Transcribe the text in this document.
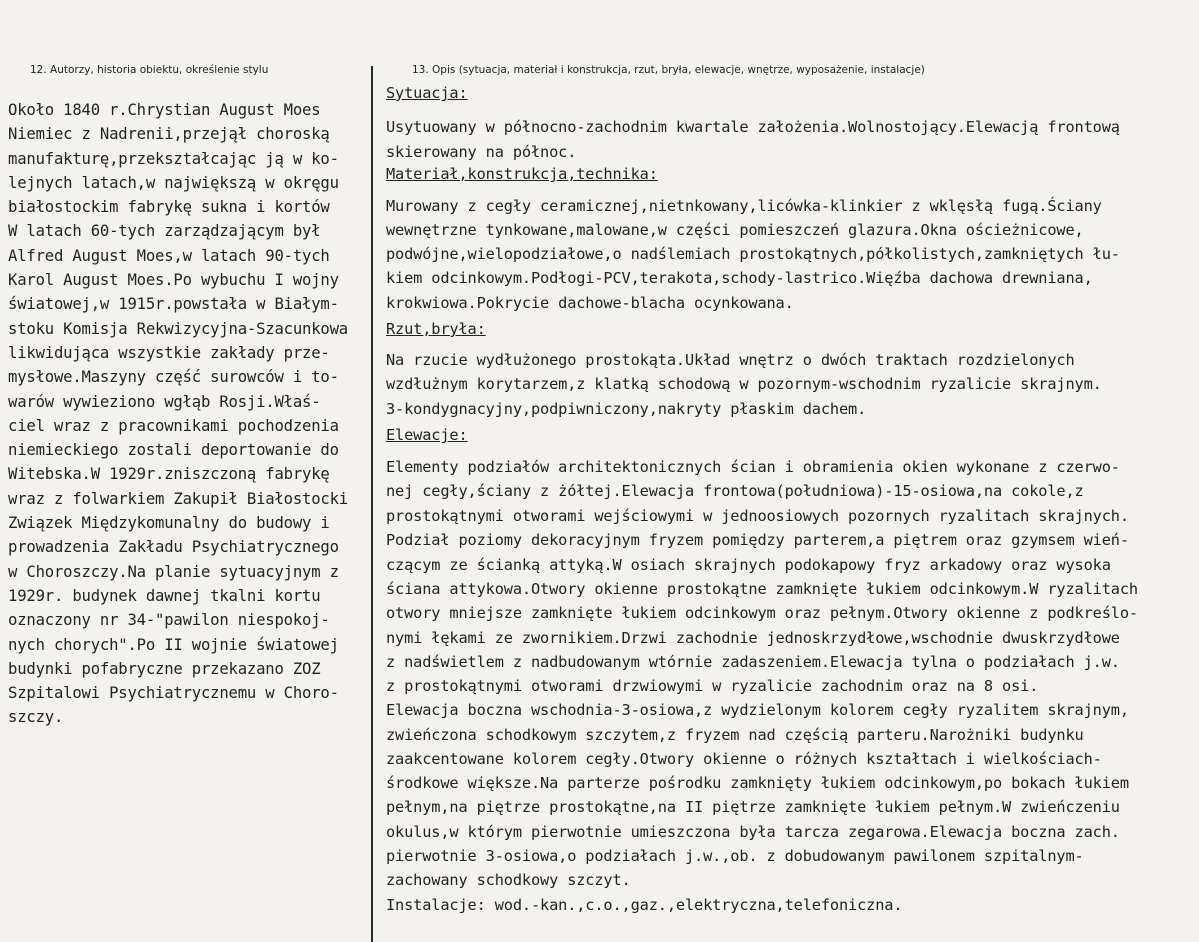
12. Autorzy, historia obiektu, określenie stylu	13. Opis (sytuacja, materiał i konstrukcja, rzut, bryła, elewacje, wnętrze, wyposażenie, instalacje)
Około 1840 r.Chrystian August Moes
Niemiec z Nadrenii,przejął choroską
manufakturę,przekształcając ją w ko-
lejnych latach,w największą w okręgu
białostockim fabrykę sukna i kortów
W latach 60-tych zarządzającym był
Alfred August Moes,w latach 90-tych
Karol August Moes.Po wybuchu I wojny
światowej,w 1915r.powstała w Białym-
stoku Komisja Rekwizycyjna-Szacunkowa
likwidująca wszystkie zakłady prze-
mysłowe.Maszyny część surowców i to-
warów wywieziono wgłąb Rosji.Właś-
ciel wraz z pracownikami pochodzenia
niemieckiego zostali deportowanie do
Witebska.W 1929r.zniszczoną fabrykę
wraz z folwarkiem Zakupił Białostocki
Związek Międzykomunalny do budowy i
prowadzenia Zakładu Psychiatrycznego
w Choroszczy.Na planie sytuacyjnym z
1929r. budynek dawnej tkalni kortu
oznaczony nr 34-"pawilon niespokoj-
nych chorych".Po II wojnie światowej
budynki pofabryczne przekazano ZOZ
Szpitalowi Psychiatrycznemu w Choro-
szczy.
Sytuacja:
Usytuowany w północno-zachodnim kwartale założenia.Wolnostojący.Elewacją frontową
skierowany na północ.
Materiał,konstrukcja,technika:
Murowany z cegły ceramicznej,nietnkowany,licówka-klinkier z wklęsłą fugą.Ściany
wewnętrzne tynkowane,malowane,w części pomieszczeń glazura.Okna ościeżnicowe,
podwójne,wielopodziałowe,o nadślemiach prostokątnych,półkolistych,zamkniętych łu-
kiem odcinkowym.Podłogi-PCV,terakota,schody-lastrico.Więźba dachowa drewniana,
krokwiowa.Pokrycie dachowe-blacha ocynkowana.
Rzut,bryła:
Na rzucie wydłużonego prostokąta.Układ wnętrz o dwóch traktach rozdzielonych
wzdłużnym korytarzem,z klatką schodową w pozornym-wschodnim ryzalicie skrajnym.
3-kondygnacyjny,podpiwniczony,nakryty płaskim dachem.
Elewacje:
Elementy podziałów architektonicznych ścian i obramienia okien wykonane z czerwo-
nej cegły,ściany z żółtej.Elewacja frontowa(południowa)-15-osiowa,na cokole,z
prostokątnymi otworami wejściowymi w jednoosiowych pozornych ryzalitach skrajnych.
Podział poziomy dekoracyjnym fryzem pomiędzy parterem,a piętrem oraz gzymsem wień-
czącym ze ścianką attyką.W osiach skrajnych podokapowy fryz arkadowy oraz wysoka
ściana attykowa.Otwory okienne prostokątne zamknięte łukiem odcinkowym.W ryzalitach
otwory mniejsze zamknięte łukiem odcinkowym oraz pełnym.Otwory okienne z podkreślo-
nymi łękami ze zwornikiem.Drzwi zachodnie jednoskrzydłowe,wschodnie dwuskrzydłowe
z nadświetlem z nadbudowanym wtórnie zadaszeniem.Elewacja tylna o podziałach j.w.
z prostokątnymi otworami drzwiowymi w ryzalicie zachodnim oraz na 8 osi.
Elewacja boczna wschodnia-3-osiowa,z wydzielonym kolorem cegły ryzalitem skrajnym,
zwieńczona schodkowym szczytem,z fryzem nad częścią parteru.Narożniki budynku
zaakcentowane kolorem cegły.Otwory okienne o różnych kształtach i wielkościach-
środkowe większe.Na parterze pośrodku zamknięty łukiem odcinkowym,po bokach łukiem
pełnym,na piętrze prostokątne,na II piętrze zamknięte łukiem pełnym.W zwieńczeniu
okulus,w którym pierwotnie umieszczona była tarcza zegarowa.Elewacja boczna zach.
pierwotnie 3-osiowa,o podziałach j.w.,ob. z dobudowanym pawilonem szpitalnym-
zachowany schodkowy szczyt.
Instalacje: wod.-kan.,c.o.,gaz.,elektryczna,telefoniczna.
